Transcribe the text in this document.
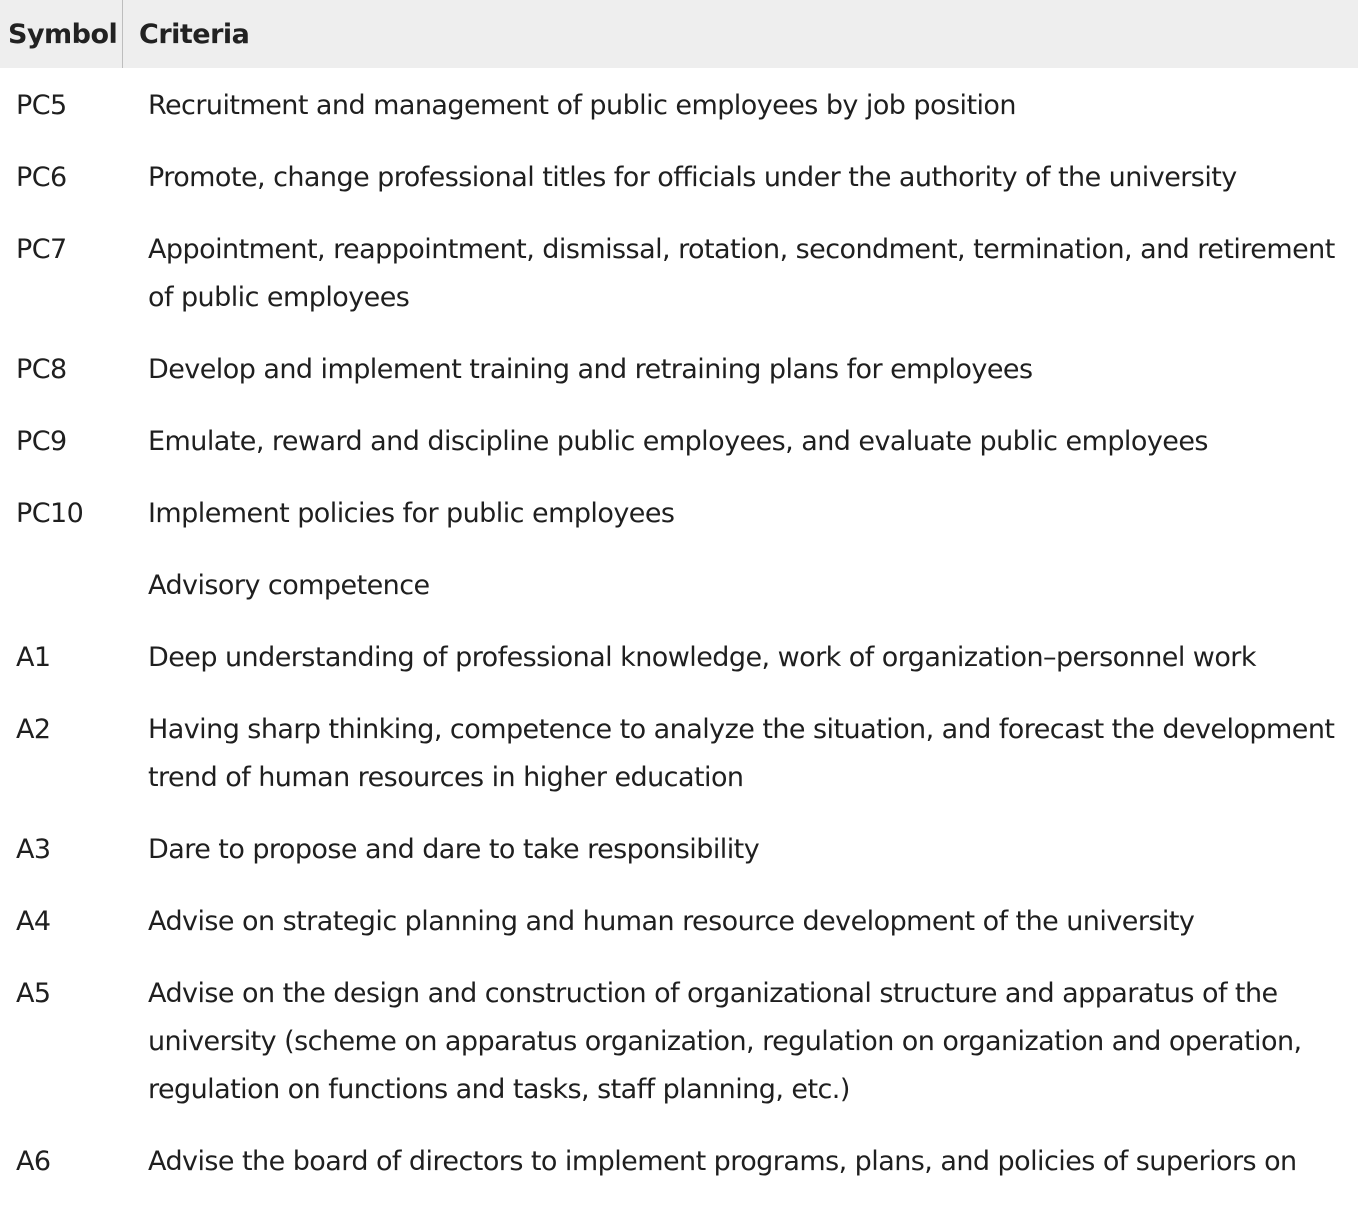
Symbol Criteria
PC5	Recruitment and management of public employees by job position
PC6	Promote, change professional titles for officials under the authority of the university
PC7	Appointment, reappointment, dismissal, rotation, secondment, termination, and retirement of public employees
PC8	Develop and implement training and retraining plans for employees
PC9	Emulate, reward and discipline public employees, and evaluate public employees
PC10	Implement policies for public employees
Advisory competence
A1	Deep understanding of professional knowledge, work of organization–personnel work
A2	Having sharp thinking, competence to analyze the situation, and forecast the development trend of human resources in higher education
A3	Dare to propose and dare to take responsibility
A4	Advise on strategic planning and human resource development of the university
A5	Advise on the design and construction of organizational structure and apparatus of the university (scheme on apparatus organization, regulation on organization and operation, regulation on functions and tasks, staff planning, etc.)
A6	Advise the board of directors to implement programs, plans, and policies of superiors on
